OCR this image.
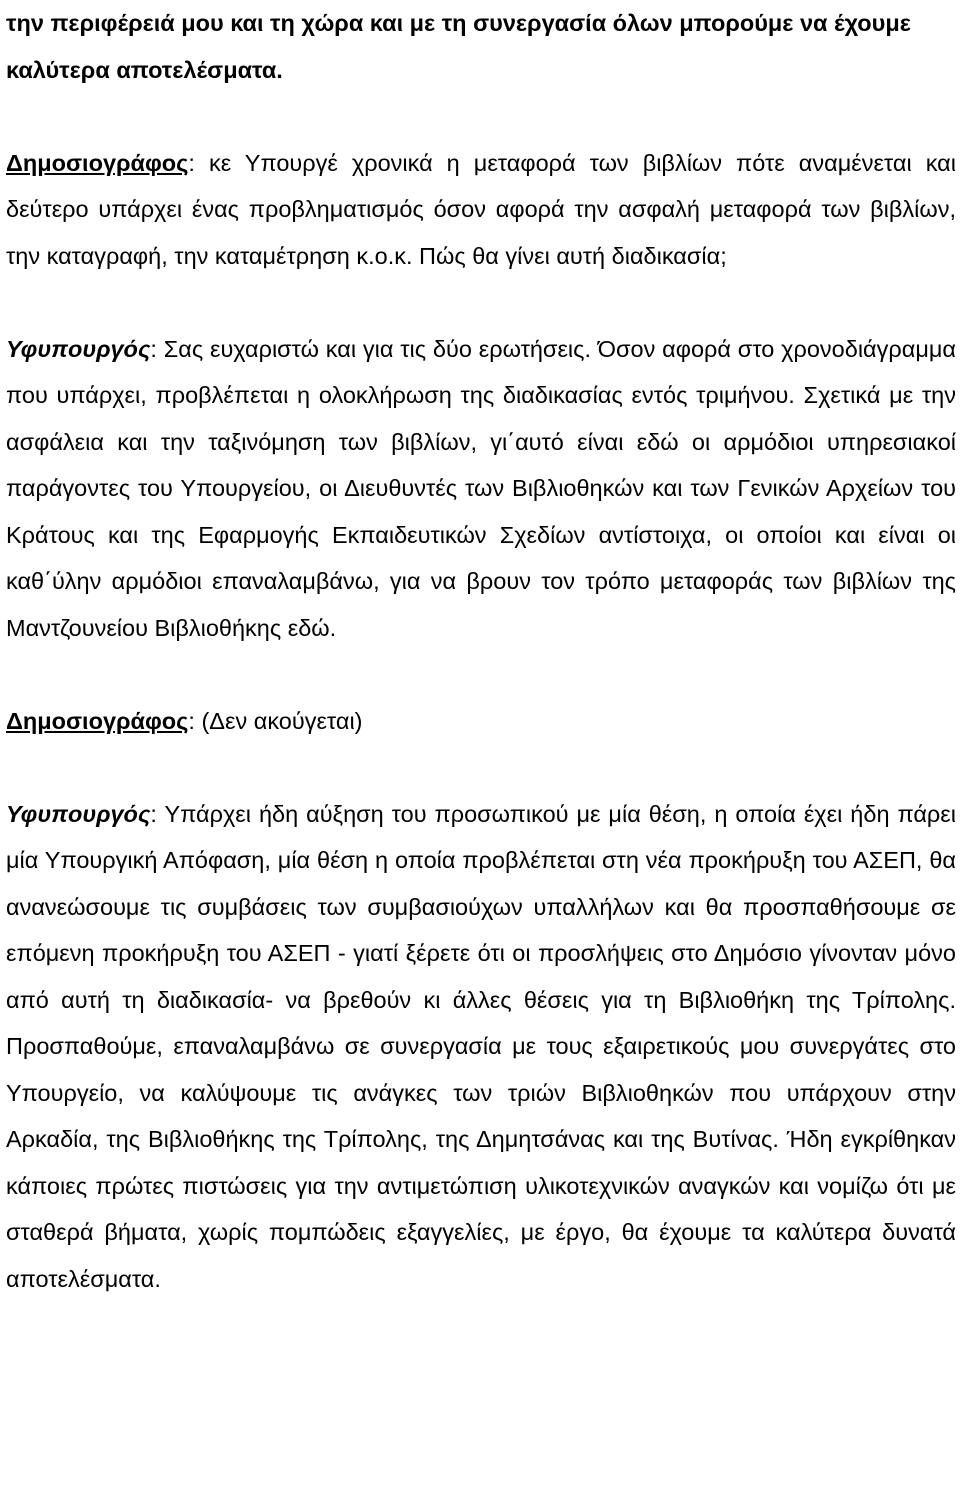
την περιφέρειά μου και τη χώρα και με τη συνεργασία όλων μπορούμε να έχουμε καλύτερα αποτελέσματα.

Δημοσιογράφος: κε Υπουργέ χρονικά η μεταφορά των βιβλίων πότε αναμένεται και δεύτερο υπάρχει ένας προβληματισμός όσον αφορά την ασφαλή μεταφορά των βιβλίων, την καταγραφή, την καταμέτρηση κ.ο.κ. Πώς θα γίνει αυτή διαδικασία;

Υφυπουργός: Σας ευχαριστώ και για τις δύο ερωτήσεις. Όσον αφορά στο χρονοδιάγραμμα που υπάρχει, προβλέπεται η ολοκλήρωση της διαδικασίας εντός τριμήνου. Σχετικά με την ασφάλεια και την ταξινόμηση των βιβλίων, γι΄αυτό είναι εδώ οι αρμόδιοι υπηρεσιακοί παράγοντες του Υπουργείου, οι Διευθυντές των Βιβλιοθηκών και των Γενικών Αρχείων του Κράτους και της Εφαρμογής Εκπαιδευτικών Σχεδίων αντίστοιχα, οι οποίοι και είναι οι καθ΄ύλην αρμόδιοι επαναλαμβάνω, για να βρουν τον τρόπο μεταφοράς των βιβλίων της Μαντζουνείου Βιβλιοθήκης εδώ.

Δημοσιογράφος: (Δεν ακούγεται)

Υφυπουργός: Υπάρχει ήδη αύξηση του προσωπικού με μία θέση, η οποία έχει ήδη πάρει μία Υπουργική Απόφαση, μία θέση η οποία προβλέπεται στη νέα προκήρυξη του ΑΣΕΠ, θα ανανεώσουμε τις συμβάσεις των συμβασιούχων υπαλλήλων και θα προσπαθήσουμε σε επόμενη προκήρυξη του ΑΣΕΠ - γιατί ξέρετε ότι οι προσλήψεις στο Δημόσιο γίνονταν μόνο από αυτή τη διαδικασία- να βρεθούν κι άλλες θέσεις για τη Βιβλιοθήκη της Τρίπολης. Προσπαθούμε, επαναλαμβάνω σε συνεργασία με τους εξαιρετικούς μου συνεργάτες στο Υπουργείο, να καλύψουμε τις ανάγκες των τριών Βιβλιοθηκών που υπάρχουν στην Αρκαδία, της Βιβλιοθήκης της Τρίπολης, της Δημητσάνας και της Βυτίνας. Ήδη εγκρίθηκαν κάποιες πρώτες πιστώσεις για την αντιμετώπιση υλικοτεχνικών αναγκών και νομίζω ότι με σταθερά βήματα, χωρίς πομπώδεις εξαγγελίες, με έργο, θα έχουμε τα καλύτερα δυνατά αποτελέσματα.
